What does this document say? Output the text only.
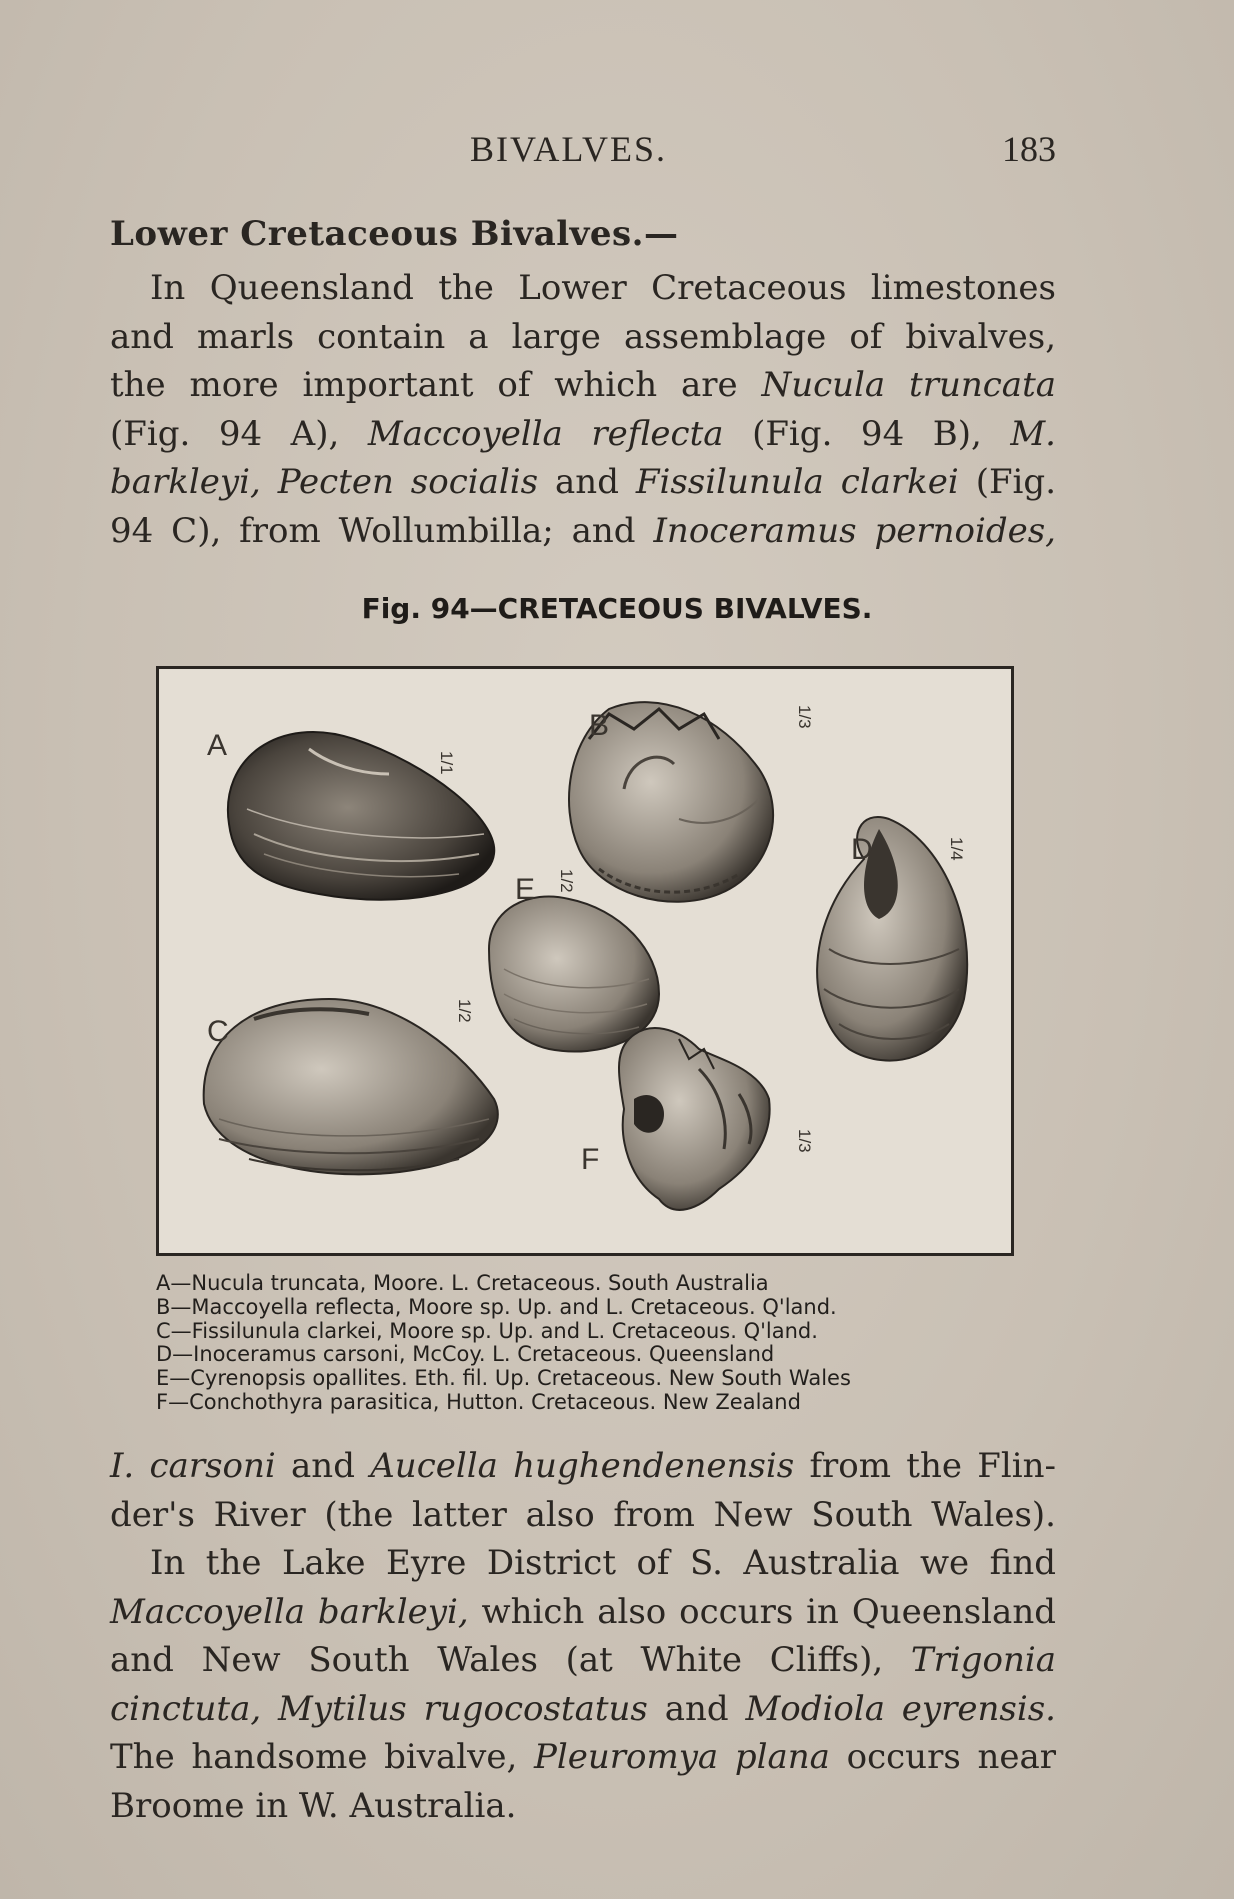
BIVALVES.	183
Lower Cretaceous Bivalves.—
In Queensland the Lower Cretaceous limestones
and marls contain a large assemblage of bivalves,
the more important of which are Nucula truncata
(Fig. 94 A), Maccoyella reflecta (Fig. 94 B), M.
barkleyi, Pecten socialis and Fissilunula clarkei (Fig.
94 C), from Wollumbilla; and Inoceramus pernoides,
Fig. 94—CRETACEOUS BIVALVES.
A
1/1
B	1/3
E 1/2
D	1/4
C
1/2
F
1/3
A—Nucula truncata, Moore. L. Cretaceous. South Australia
B—Maccoyella reflecta, Moore sp. Up. and L. Cretaceous. Q'land.
C—Fissilunula clarkei, Moore sp. Up. and L. Cretaceous. Q'land.
D—Inoceramus carsoni, McCoy. L. Cretaceous. Queensland
E—Cyrenopsis opallites. Eth. fil. Up. Cretaceous. New South Wales
F—Conchothyra parasitica, Hutton. Cretaceous. New Zealand
I. carsoni and Aucella hughendenensis from the Flin-
der's River (the latter also from New South Wales).
In the Lake Eyre District of S. Australia we find
Maccoyella barkleyi, which also occurs in Queensland
and New South Wales (at White Cliffs), Trigonia
cinctuta, Mytilus rugocostatus and Modiola eyrensis.
The handsome bivalve, Pleuromya plana occurs near
Broome in W. Australia.
